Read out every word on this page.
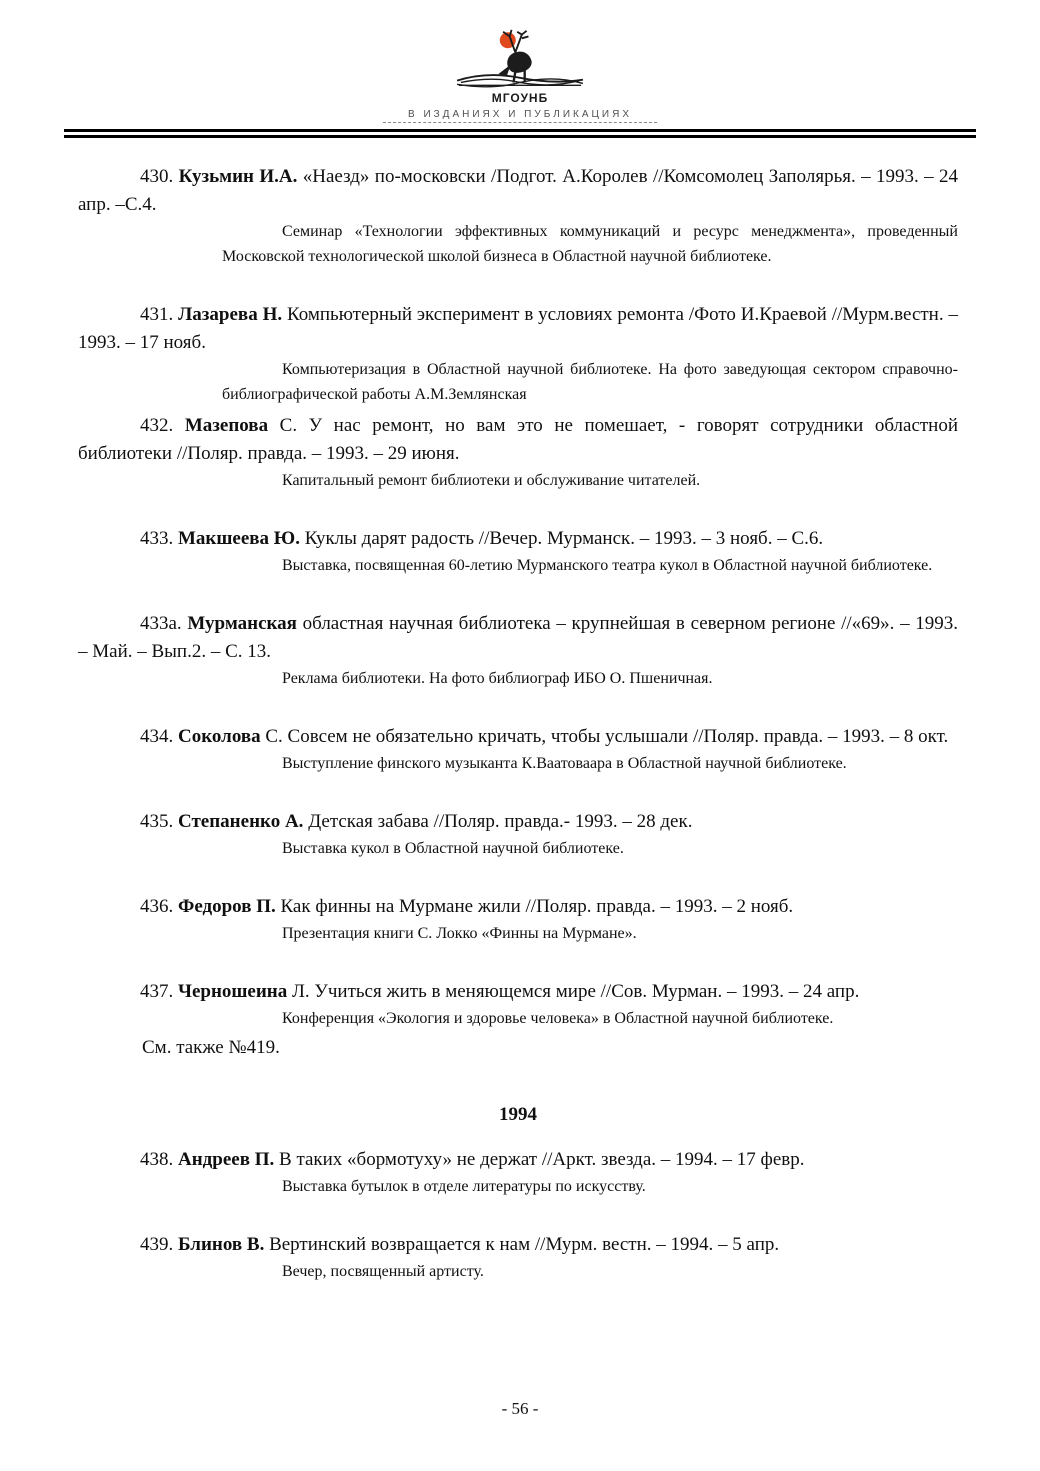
МГОУНБ
В ИЗДАНИЯХ И ПУБЛИКАЦИЯХ

430. Кузьмин И.А. «Наезд» по-московски /Подгот. А.Королев //Комсомолец Заполярья. – 1993. – 24 апр. –С.4.

Семинар «Технологии эффективных коммуникаций и ресурс менеджмента», проведенный Московской технологической школой бизнеса в Областной научной библиотеке.

431. Лазарева Н. Компьютерный эксперимент в условиях ремонта /Фото И.Краевой //Мурм.вестн. – 1993. – 17 нояб.

Компьютеризация в Областной научной библиотеке. На фото заведующая сектором справочно-библиографической работы А.М.Землянская

432. Мазепова С. У нас ремонт, но вам это не помешает, - говорят сотрудники областной библиотеки //Поляр. правда. – 1993. – 29 июня.

Капитальный ремонт библиотеки и обслуживание читателей.

433. Макшеева Ю. Куклы дарят радость //Вечер. Мурманск. – 1993. – 3 нояб. – С.6.

Выставка, посвященная 60-летию Мурманского театра кукол в Областной научной библиотеке.

433а. Мурманская областная научная библиотека – крупнейшая в северном регионе //«69». – 1993. – Май. – Вып.2. – С. 13.

Реклама библиотеки. На фото библиограф ИБО О. Пшеничная.

434. Соколова С. Совсем не обязательно кричать, чтобы услышали //Поляр. правда. – 1993. – 8 окт.

Выступление финского музыканта К.Ваатоваара в Областной научной библиотеке.

435. Степаненко А. Детская забава //Поляр. правда.- 1993. – 28 дек.

Выставка кукол в Областной научной библиотеке.

436. Федоров П. Как финны на Мурмане жили //Поляр. правда. – 1993. – 2 нояб.

Презентация книги С. Локко «Финны на Мурмане».

437. Черношеина Л. Учиться жить в меняющемся мире //Сов. Мурман. – 1993. – 24 апр.

Конференция «Экология и здоровье человека» в Областной научной библиотеке.

См. также №419.

1994

438. Андреев П. В таких «бормотуху» не держат //Аркт. звезда. – 1994. – 17 февр.

Выставка бутылок в отделе литературы по искусству.

439. Блинов В. Вертинский возвращается к нам //Мурм. вестн. – 1994. – 5 апр.

Вечер, посвященный артисту.

- 56 -
